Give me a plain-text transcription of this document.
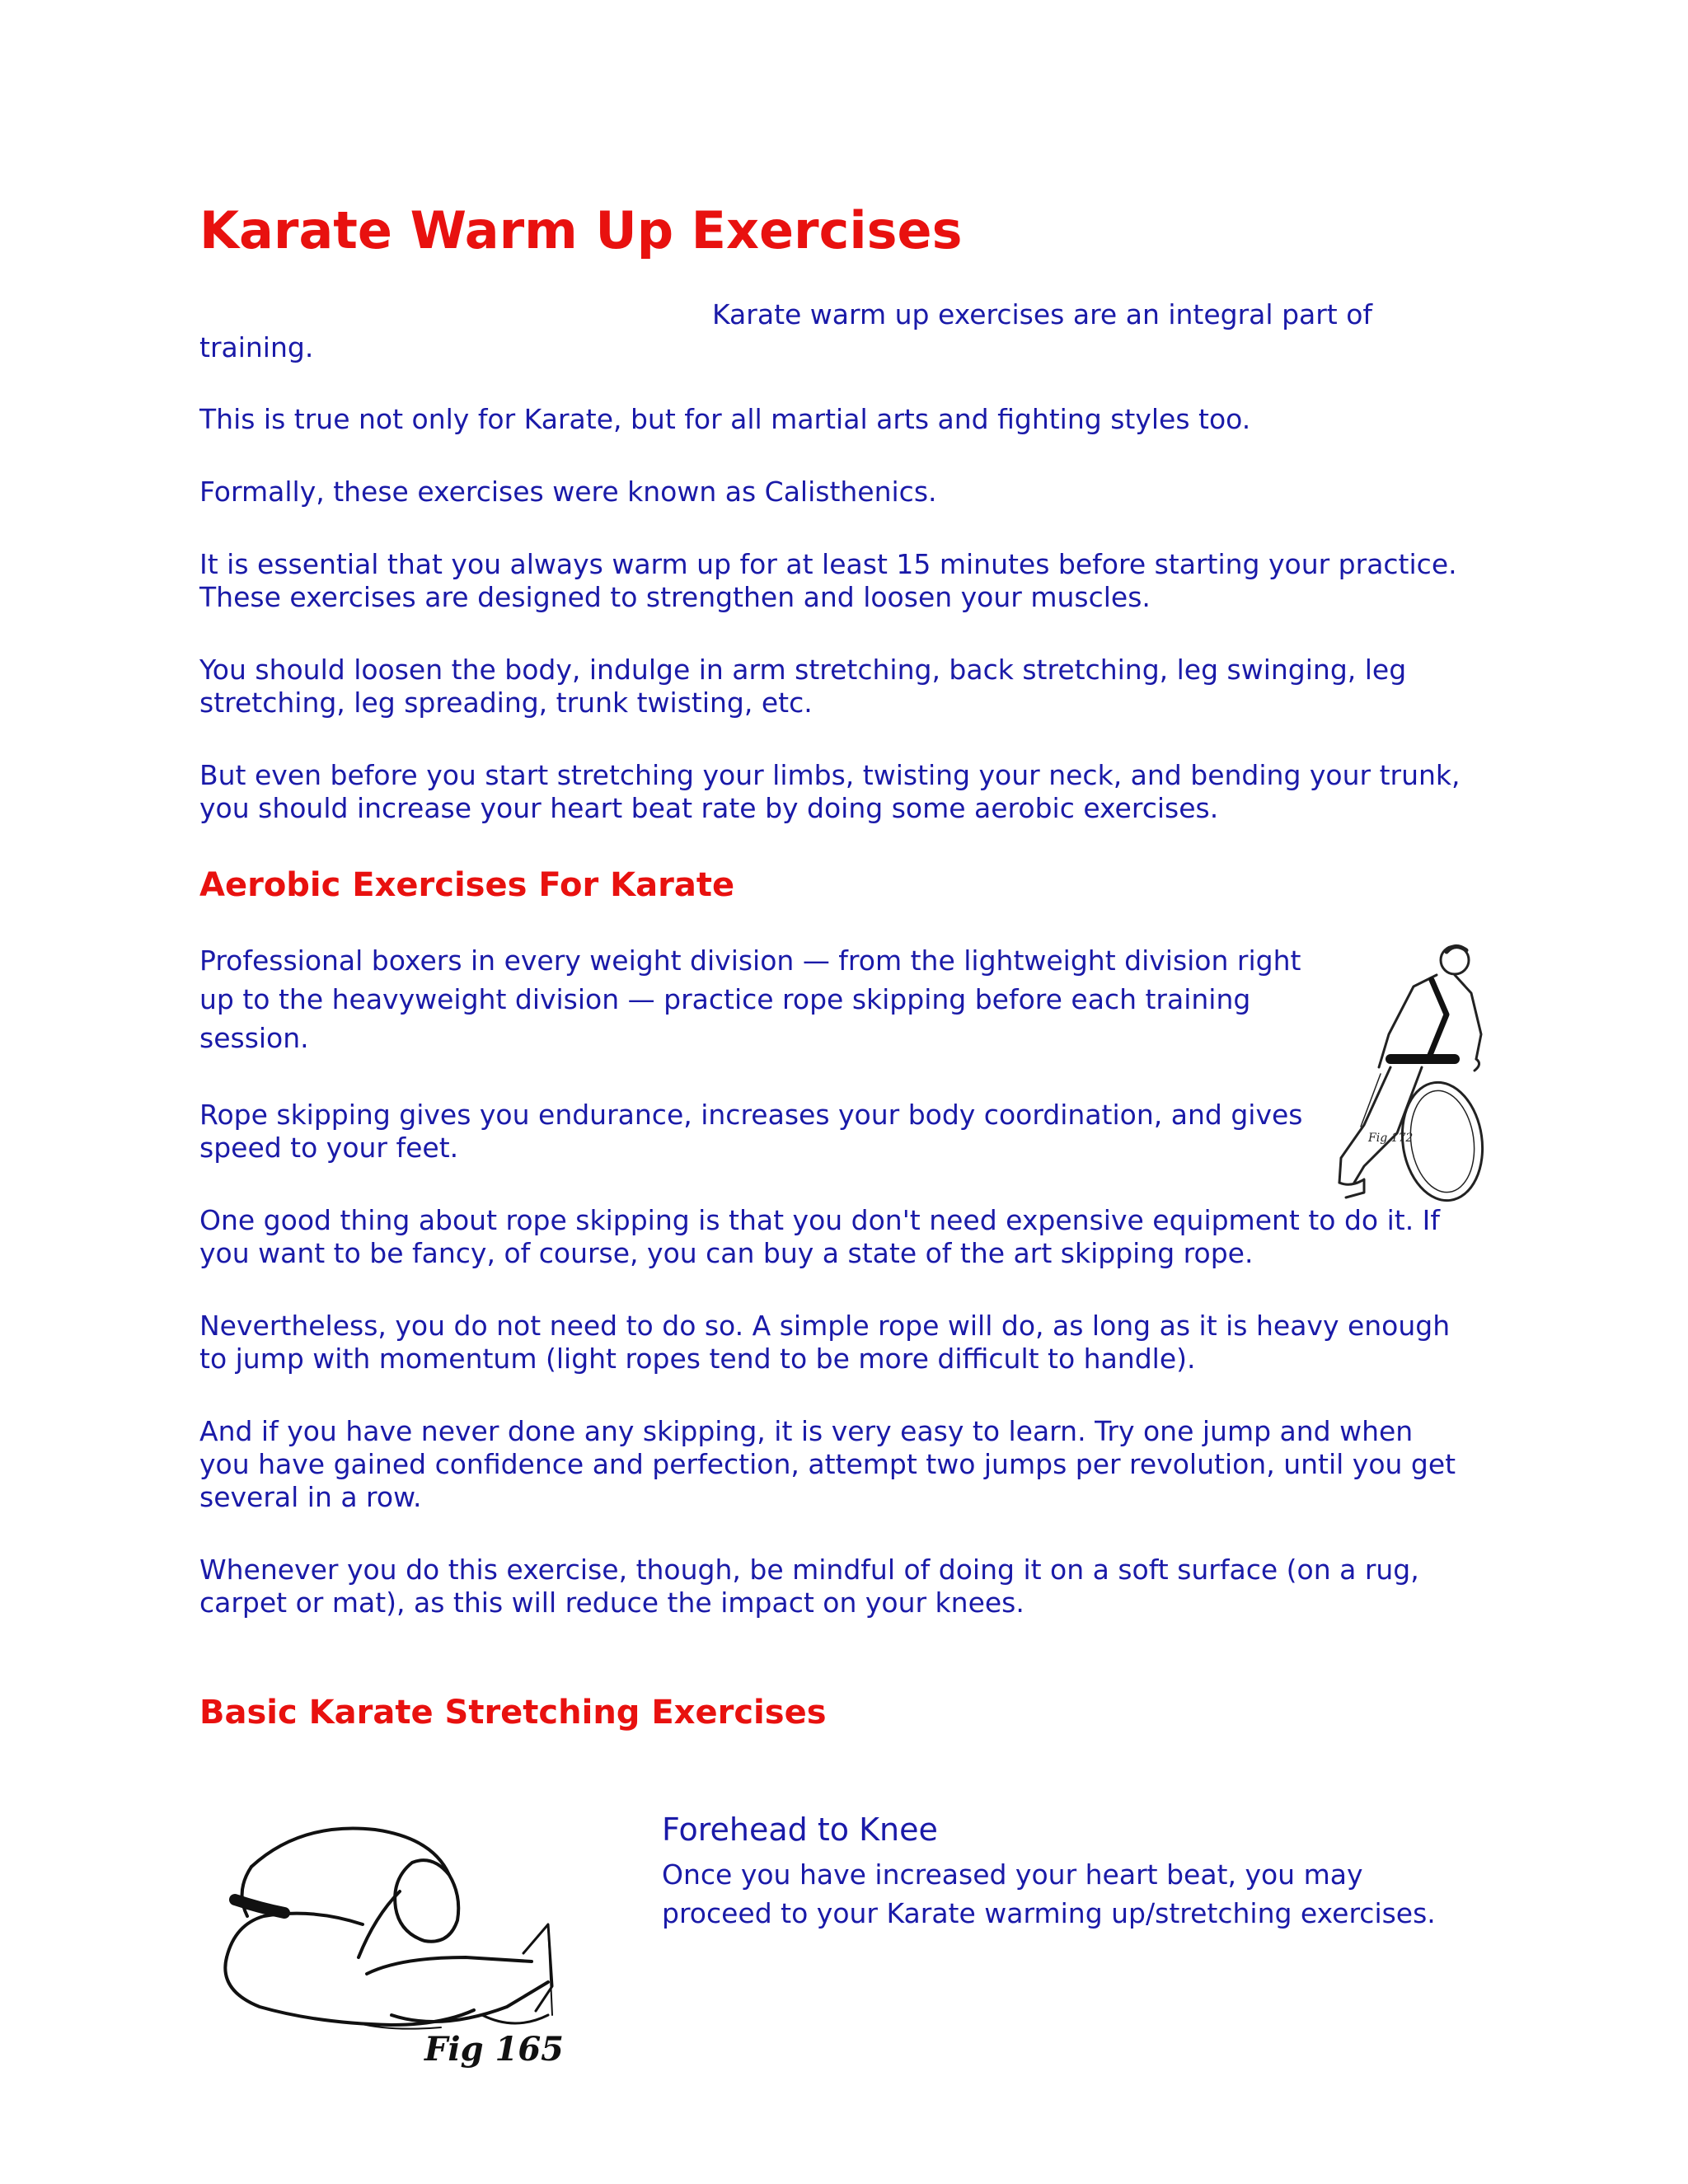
Karate Warm Up Exercises

Karate warm up exercises are an integral part of

training.

This is true not only for Karate, but for all martial arts and fighting styles too.

Formally, these exercises were known as Calisthenics.

It is essential that you always warm up for at least 15 minutes before starting your practice.

These exercises are designed to strengthen and loosen your muscles.

You should loosen the body, indulge in arm stretching, back stretching, leg swinging, leg

stretching, leg spreading, trunk twisting, etc.

But even before you start stretching your limbs, twisting your neck, and bending your trunk,

you should increase your heart beat rate by doing some aerobic exercises.

Aerobic Exercises For Karate

Professional boxers in every weight division — from the lightweight division right

up to the heavyweight division — practice rope skipping before each training

session.

Rope skipping gives you endurance, increases your body coordination, and gives

speed to your feet.

One good thing about rope skipping is that you don't need expensive equipment to do it. If

you want to be fancy, of course, you can buy a state of the art skipping rope.

Nevertheless, you do not need to do so. A simple rope will do, as long as it is heavy enough

to jump with momentum (light ropes tend to be more difficult to handle).

And if you have never done any skipping, it is very easy to learn. Try one jump and when

you have gained confidence and perfection, attempt two jumps per revolution, until you get

several in a row.

Whenever you do this exercise, though, be mindful of doing it on a soft surface (on a rug,

carpet or mat), as this will reduce the impact on your knees.

Fig 172
Basic Karate Stretching Exercises
Fig 165

Forehead to Knee

Once you have increased your heart beat, you may

proceed to your Karate warming up/stretching exercises.
